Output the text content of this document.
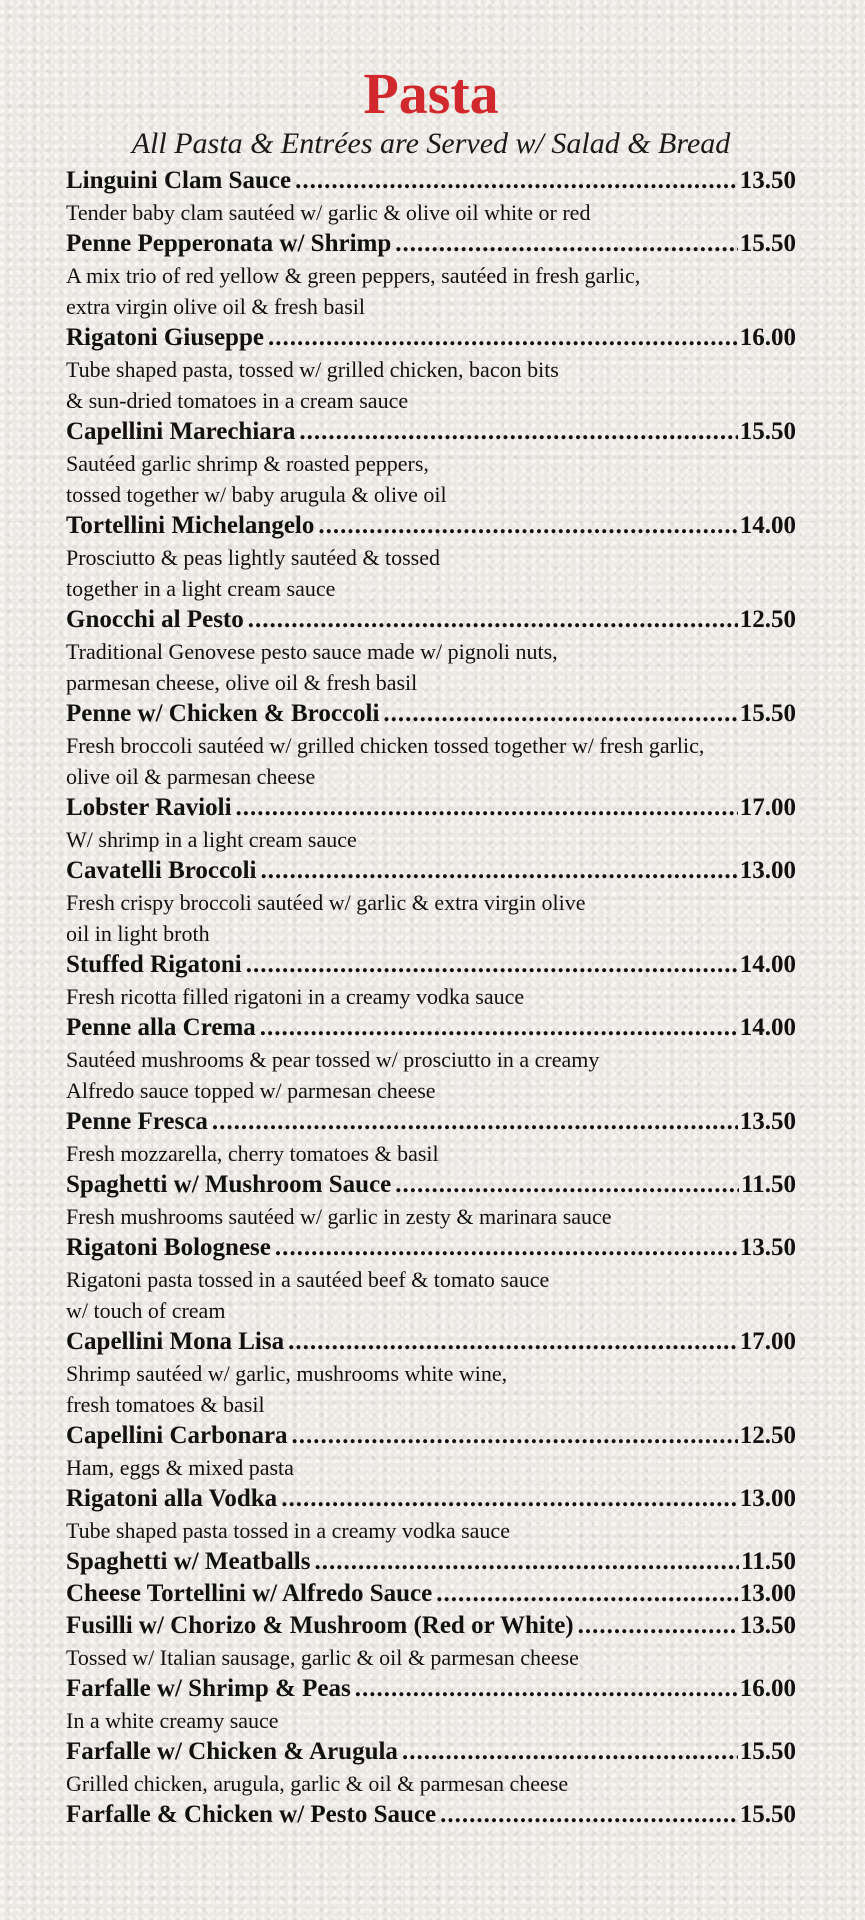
Pasta

All Pasta & Entrées are Served w/ Salad & Bread

Linguini Clam Sauce .....	13.50
Tender baby clam sautéed w/ garlic & olive oil white or red
Penne Pepperonata w/ Shrimp .....	15.50
A mix trio of red yellow & green peppers, sautéed in fresh garlic,
extra virgin olive oil & fresh basil
Rigatoni Giuseppe .....	16.00
Tube shaped pasta, tossed w/ grilled chicken, bacon bits
& sun-dried tomatoes in a cream sauce
Capellini Marechiara .....	15.50
Sautéed garlic shrimp & roasted peppers,
tossed together w/ baby arugula & olive oil
Tortellini Michelangelo .....	14.00
Prosciutto & peas lightly sautéed & tossed
together in a light cream sauce
Gnocchi al Pesto .....	12.50
Traditional Genovese pesto sauce made w/ pignoli nuts,
parmesan cheese, olive oil & fresh basil
Penne w/ Chicken & Broccoli .....	15.50
Fresh broccoli sautéed w/ grilled chicken tossed together w/ fresh garlic,
olive oil & parmesan cheese
Lobster Ravioli .....	17.00
W/ shrimp in a light cream sauce
Cavatelli Broccoli .....	13.00
Fresh crispy broccoli sautéed w/ garlic & extra virgin olive
oil in light broth
Stuffed Rigatoni .....	14.00
Fresh ricotta filled rigatoni in a creamy vodka sauce
Penne alla Crema .....	14.00
Sautéed mushrooms & pear tossed w/ prosciutto in a creamy
Alfredo sauce topped w/ parmesan cheese
Penne Fresca .....	13.50
Fresh mozzarella, cherry tomatoes & basil
Spaghetti w/ Mushroom Sauce .....	11.50
Fresh mushrooms sautéed w/ garlic in zesty & marinara sauce
Rigatoni Bolognese .....	13.50
Rigatoni pasta tossed in a sautéed beef & tomato sauce
w/ touch of cream
Capellini Mona Lisa .....	17.00
Shrimp sautéed w/ garlic, mushrooms white wine,
fresh tomatoes & basil
Capellini Carbonara .....	12.50
Ham, eggs & mixed pasta
Rigatoni alla Vodka .....	13.00
Tube shaped pasta tossed in a creamy vodka sauce
Spaghetti w/ Meatballs .....	11.50
Cheese Tortellini w/ Alfredo Sauce .....	13.00
Fusilli w/ Chorizo & Mushroom (Red or White) .....	13.50
Tossed w/ Italian sausage, garlic & oil & parmesan cheese
Farfalle w/ Shrimp & Peas .....	16.00
In a white creamy sauce
Farfalle w/ Chicken & Arugula .....	15.50
Grilled chicken, arugula, garlic & oil & parmesan cheese
Farfalle & Chicken w/ Pesto Sauce .....	15.50
